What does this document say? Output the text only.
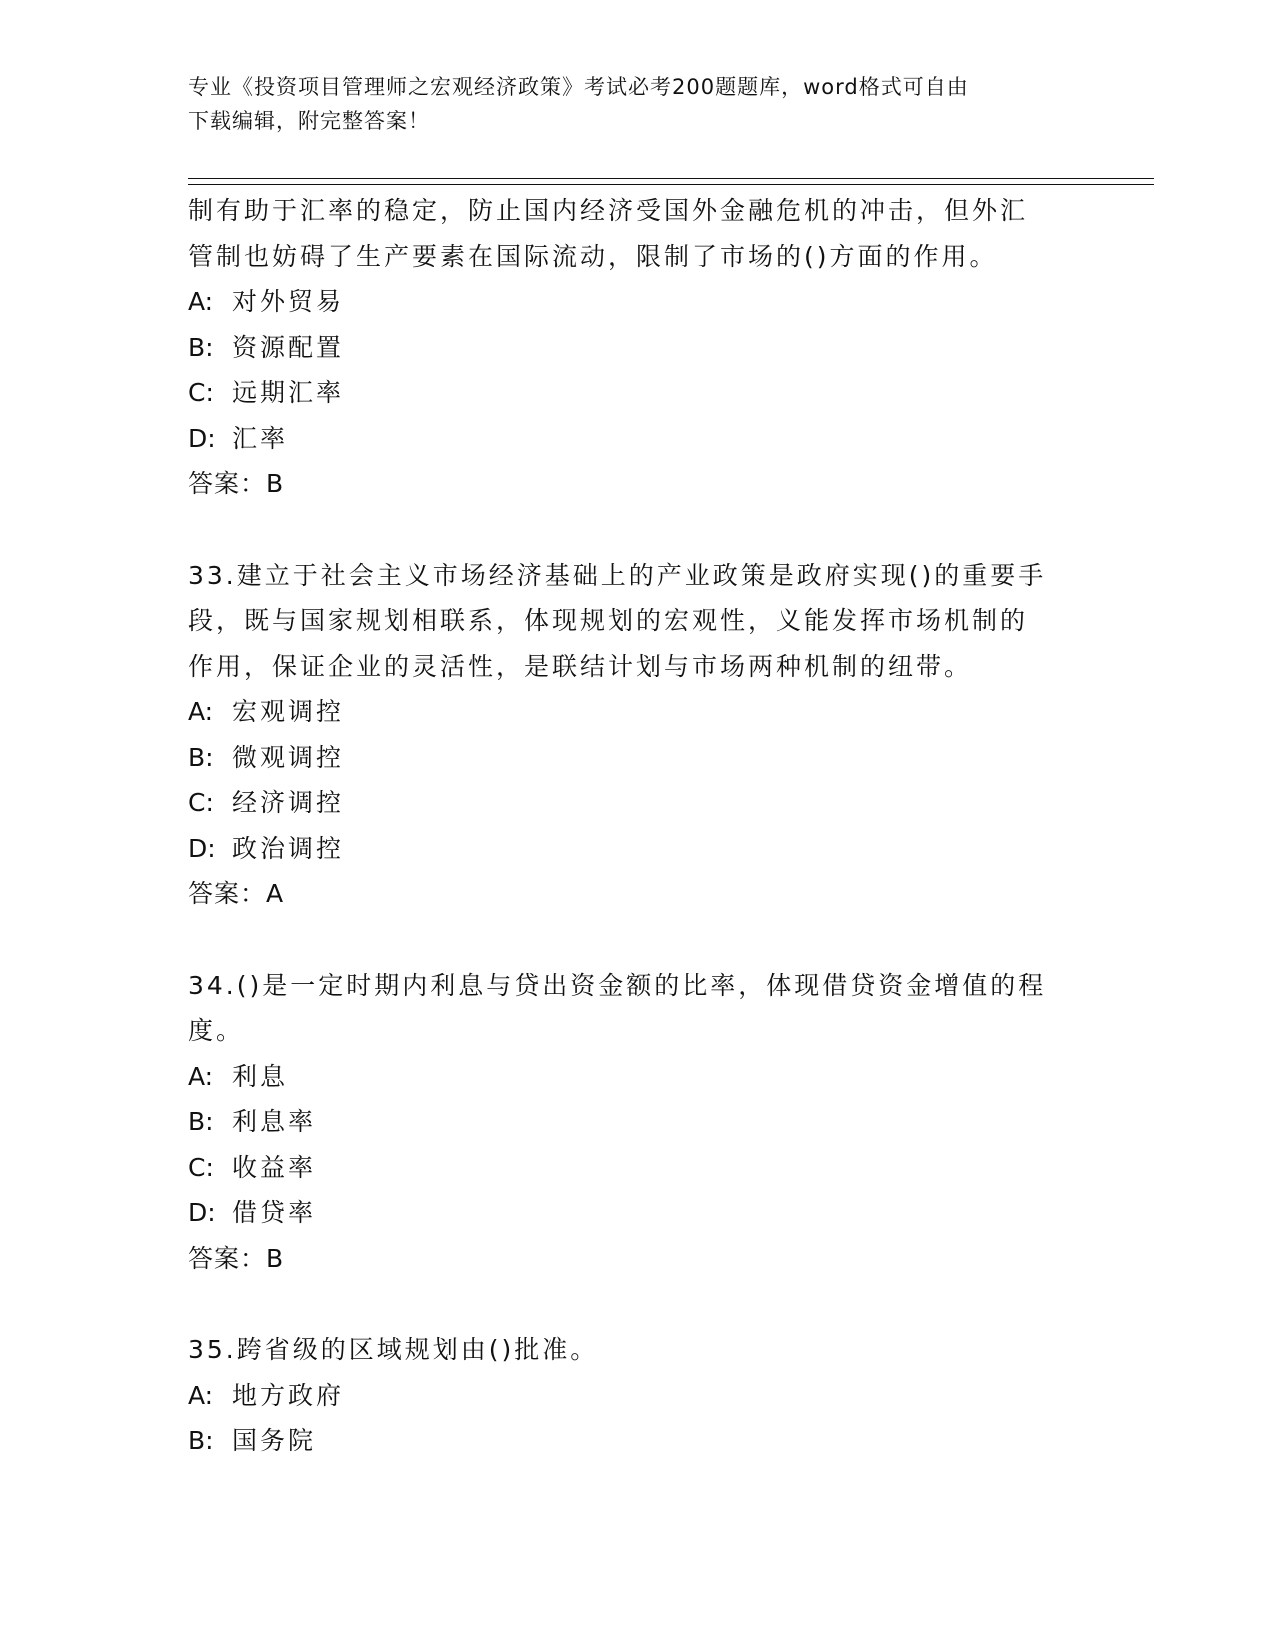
专业《投资项目管理师之宏观经济政策》考试必考200题题库，word格式可自由
下载编辑，附完整答案！
制有助于汇率的稳定，防止国内经济受国外金融危机的冲击，但外汇
管制也妨碍了生产要素在国际流动，限制了市场的()方面的作用。
A: 对外贸易
B: 资源配置
C: 远期汇率
D: 汇率
答案：B
33.建立于社会主义市场经济基础上的产业政策是政府实现()的重要手
段，既与国家规划相联系，体现规划的宏观性，义能发挥市场机制的
作用，保证企业的灵活性，是联结计划与市场两种机制的纽带。
A: 宏观调控
B: 微观调控
C: 经济调控
D: 政治调控
答案：A
34.()是一定时期内利息与贷出资金额的比率，体现借贷资金增值的程
度。
A: 利息
B: 利息率
C: 收益率
D: 借贷率
答案：B
35.跨省级的区域规划由()批准。
A: 地方政府
B: 国务院
